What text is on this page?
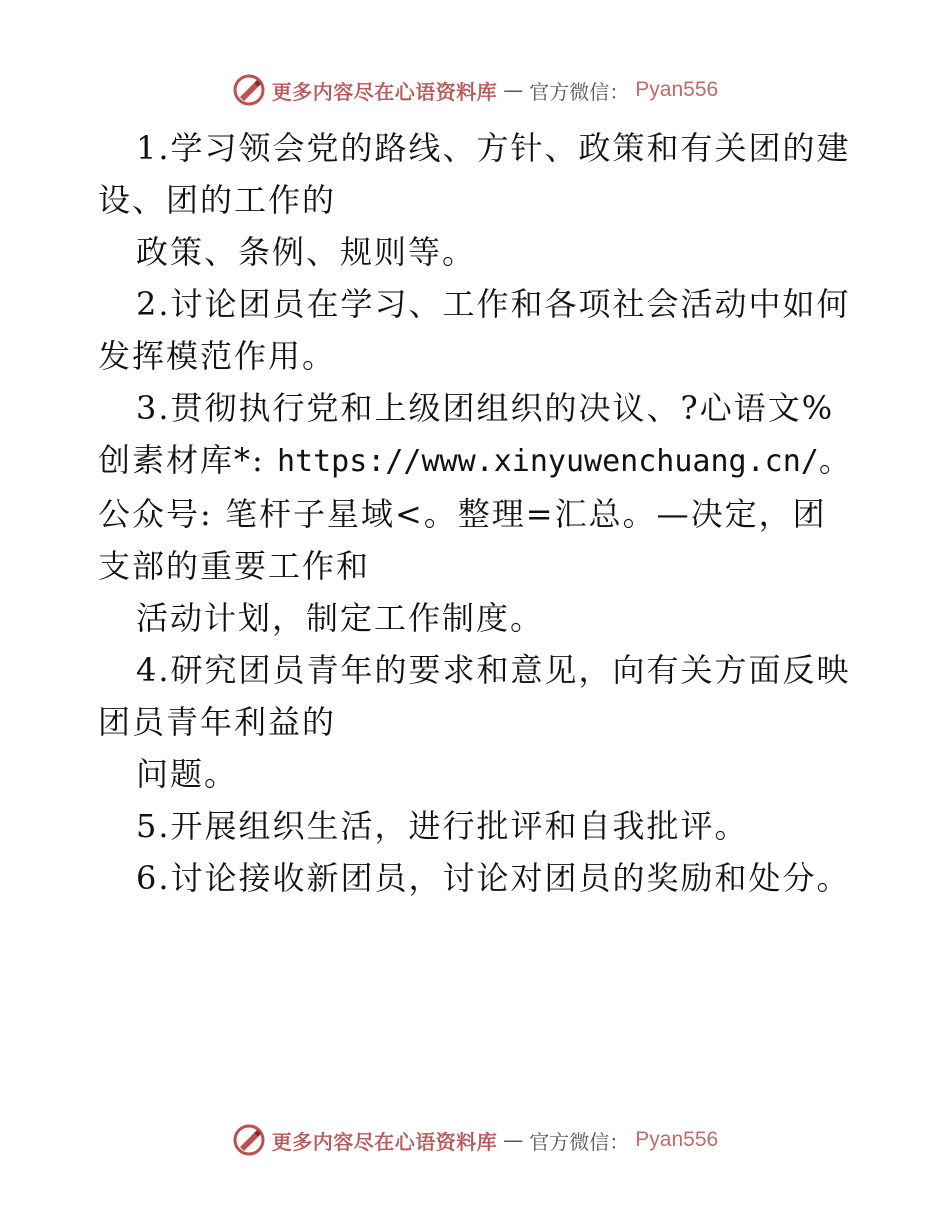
更多内容尽在心语资料库 — 官方微信： Pyan556

1.学习领会党的路线、方针、政策和有关团的建设、团的工作的

政策、条例、规则等。

2.讨论团员在学习、工作和各项社会活动中如何发挥模范作用。

3.贯彻执行党和上级团组织的决议、?心语文%创素材库*: https://www.xinyuwenchuang.cn/。公众号: 笔杆子星域<。整理=汇总。—决定，团支部的重要工作和

活动计划，制定工作制度。

4.研究团员青年的要求和意见，向有关方面反映团员青年利益的

问题。

5.开展组织生活，进行批评和自我批评。

6.讨论接收新团员，讨论对团员的奖励和处分。

更多内容尽在心语资料库 — 官方微信： Pyan556
